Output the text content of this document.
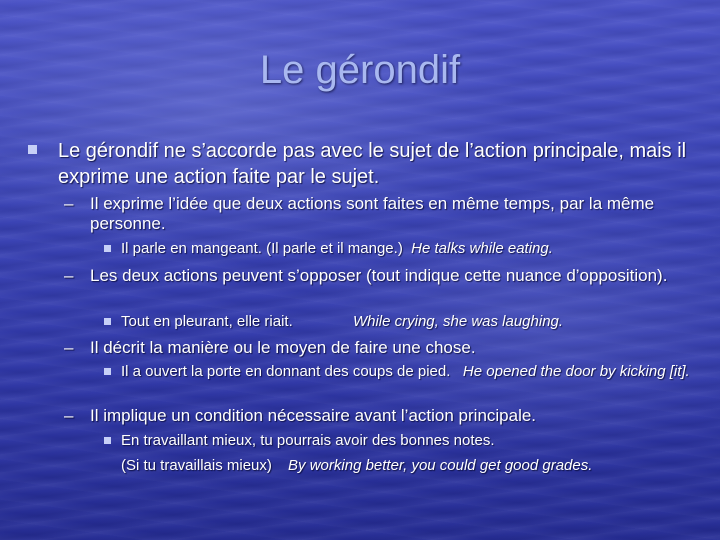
Le gérondif
Le gérondif ne s’accorde pas avec le sujet de l’action principale, mais il exprime une action faite par le sujet.
– Il exprime l’idée que deux actions sont faites en même temps, par la même personne.
Il parle en mangeant. (Il parle et il mange.) He talks while eating.
– Les deux actions peuvent s’opposer (tout indique cette nuance d’opposition).
Tout en pleurant, elle riait.	While crying, she was laughing.
– Il décrit la manière ou le moyen de faire une chose.
Il a ouvert la porte en donnant des coups de pied. He opened the door by kicking [it].
– Il implique un condition nécessaire avant l’action principale.
En travaillant mieux, tu pourrais avoir des bonnes notes.
(Si tu travaillais mieux) By working better, you could get good grades.
